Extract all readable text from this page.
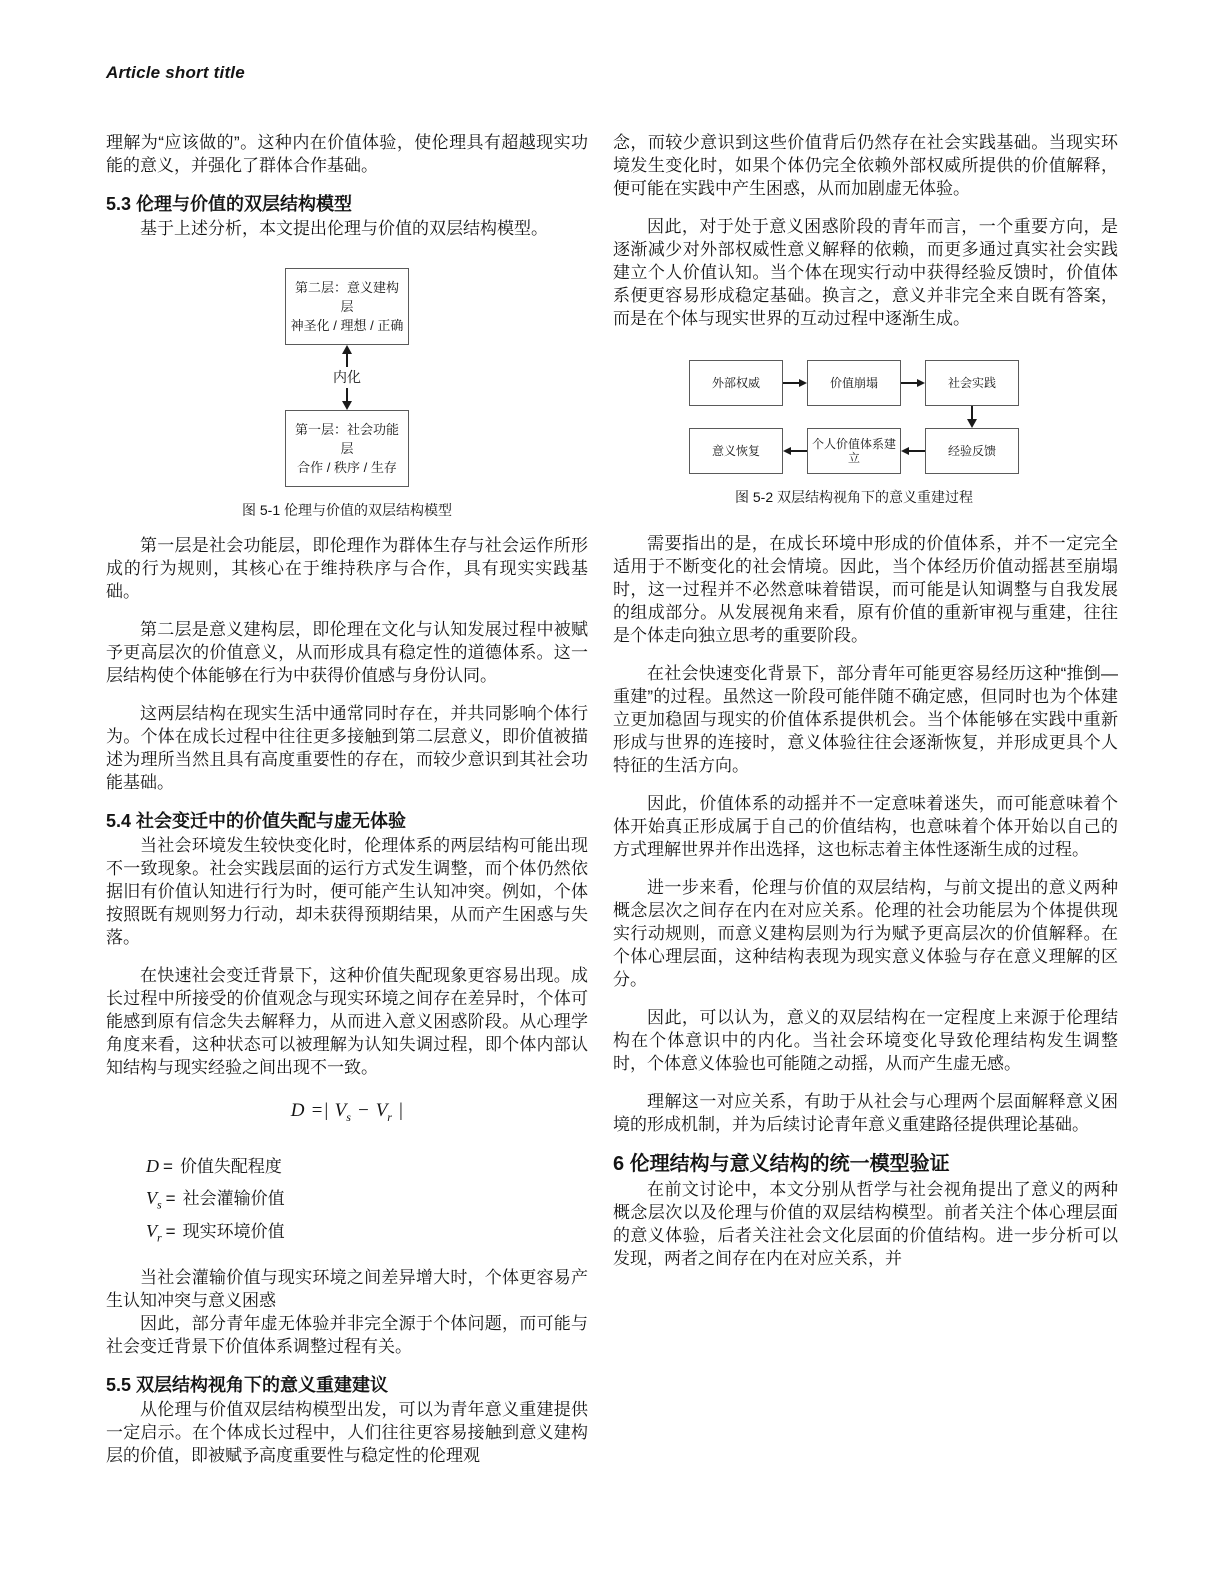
Article short title

理解为“应该做的”。这种内在价值体验，使伦理具有超越现实功能的意义，并强化了群体合作基础。

5.3 伦理与价值的双层结构模型

基于上述分析，本文提出伦理与价值的双层结构模型。

第二层：意义建构层
神圣化 / 理想 / 正确
内化
第一层：社会功能层
合作 / 秩序 / 生存
图 5-1 伦理与价值的双层结构模型

第一层是社会功能层，即伦理作为群体生存与社会运作所形成的行为规则，其核心在于维持秩序与合作，具有现实实践基础。

第二层是意义建构层，即伦理在文化与认知发展过程中被赋予更高层次的价值意义，从而形成具有稳定性的道德体系。这一层结构使个体能够在行为中获得价值感与身份认同。

这两层结构在现实生活中通常同时存在，并共同影响个体行为。个体在成长过程中往往更多接触到第二层意义，即价值被描述为理所当然且具有高度重要性的存在，而较少意识到其社会功能基础。

5.4 社会变迁中的价值失配与虚无体验

当社会环境发生较快变化时，伦理体系的两层结构可能出现不一致现象。社会实践层面的运行方式发生调整，而个体仍然依据旧有价值认知进行行为时，便可能产生认知冲突。例如，个体按照既有规则努力行动，却未获得预期结果，从而产生困惑与失落。

在快速社会变迁背景下，这种价值失配现象更容易出现。成长过程中所接受的价值观念与现实环境之间存在差异时，个体可能感到原有信念失去解释力，从而进入意义困惑阶段。从心理学角度来看，这种状态可以被理解为认知失调过程，即个体内部认知结构与现实经验之间出现不一致。

D =| $V_s - V_r$ |
D = 价值失配程度
$V_s$ = 社会灌输价值
$V_r$ = 现实环境价值

当社会灌输价值与现实环境之间差异增大时，个体更容易产生认知冲突与意义困惑

因此，部分青年虚无体验并非完全源于个体问题，而可能与社会变迁背景下价值体系调整过程有关。

5.5 双层结构视角下的意义重建建议

从伦理与价值双层结构模型出发，可以为青年意义重建提供一定启示。在个体成长过程中，人们往往更容易接触到意义建构层的价值，即被赋予高度重要性与稳定性的伦理观

念，而较少意识到这些价值背后仍然存在社会实践基础。当现实环境发生变化时，如果个体仍完全依赖外部权威所提供的价值解释，便可能在实践中产生困惑，从而加剧虚无体验。

因此，对于处于意义困惑阶段的青年而言，一个重要方向，是逐渐减少对外部权威性意义解释的依赖，而更多通过真实社会实践建立个人价值认知。当个体在现实行动中获得经验反馈时，价值体系便更容易形成稳定基础。换言之，意义并非完全来自既有答案，而是在个体与现实世界的互动过程中逐渐生成。

外部权威	价值崩塌	社会实践
意义恢复	个人价值体系建立	经验反馈
图 5-2 双层结构视角下的意义重建过程

需要指出的是，在成长环境中形成的价值体系，并不一定完全适用于不断变化的社会情境。因此，当个体经历价值动摇甚至崩塌时，这一过程并不必然意味着错误，而可能是认知调整与自我发展的组成部分。从发展视角来看，原有价值的重新审视与重建，往往是个体走向独立思考的重要阶段。

在社会快速变化背景下，部分青年可能更容易经历这种“推倒—重建”的过程。虽然这一阶段可能伴随不确定感，但同时也为个体建立更加稳固与现实的价值体系提供机会。当个体能够在实践中重新形成与世界的连接时，意义体验往往会逐渐恢复，并形成更具个人特征的生活方向。

因此，价值体系的动摇并不一定意味着迷失，而可能意味着个体开始真正形成属于自己的价值结构，也意味着个体开始以自己的方式理解世界并作出选择，这也标志着主体性逐渐生成的过程。

进一步来看，伦理与价值的双层结构，与前文提出的意义两种概念层次之间存在内在对应关系。伦理的社会功能层为个体提供现实行动规则，而意义建构层则为行为赋予更高层次的价值解释。在个体心理层面，这种结构表现为现实意义体验与存在意义理解的区分。

因此，可以认为，意义的双层结构在一定程度上来源于伦理结构在个体意识中的内化。当社会环境变化导致伦理结构发生调整时，个体意义体验也可能随之动摇，从而产生虚无感。

理解这一对应关系，有助于从社会与心理两个层面解释意义困境的形成机制，并为后续讨论青年意义重建路径提供理论基础。

6 伦理结构与意义结构的统一模型验证

在前文讨论中，本文分别从哲学与社会视角提出了意义的两种概念层次以及伦理与价值的双层结构模型。前者关注个体心理层面的意义体验，后者关注社会文化层面的价值结构。进一步分析可以发现，两者之间存在内在对应关系，并
